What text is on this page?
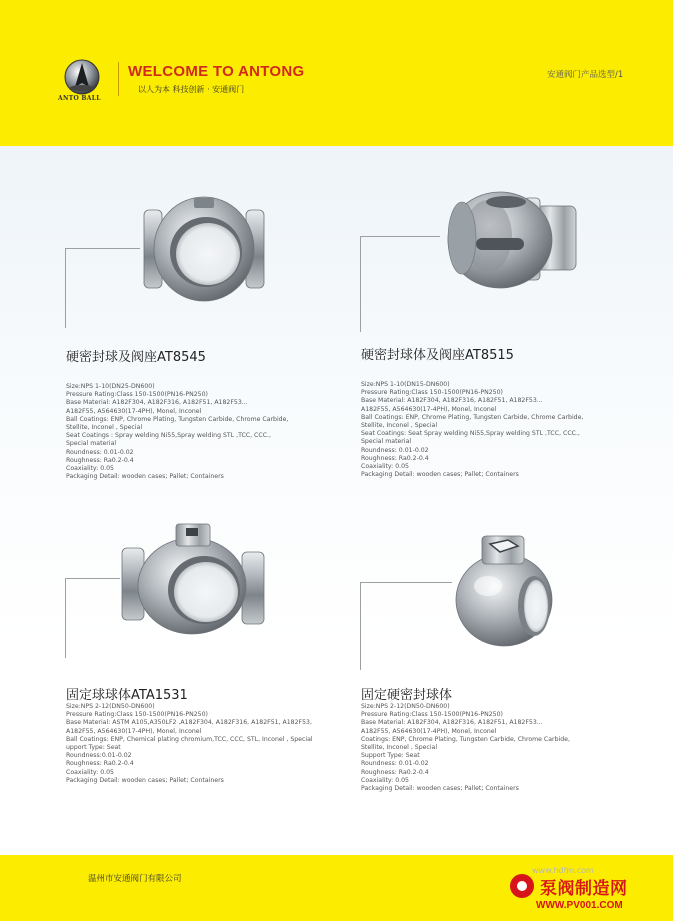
ANTO BALL
WELCOME TO ANTONG
以人为本 科技创新 · 安通阀门
安通阀门产品选型/1
硬密封球及阀座AT8545
Size:NPS 1-10(DN25-DN600)
Pressure Rating:Class 150-1500(PN16-PN250)
Base Material: A182F304, A182F316, A182F51, A182F53...
A182F55, A564630(17-4PH), Monel, Inconel
Ball Coatings: ENP, Chrome Plating, Tungsten Carbide, Chrome Carbide,
Stellite, Inconel , Special
Seat Coatings : Spray welding Ni55,Spray welding STL ,TCC, CCC.,
Special material
Roundness: 0.01-0.02
Roughness: Ra0.2-0.4
Coaxiality: 0.05
Packaging Detail: wooden cases; Pallet; Containers
硬密封球体及阀座AT8515
Size:NPS 1-10(DN15-DN600)
Pressure Rating:Class 150-1500(PN16-PN250)
Base Material: A182F304, A182F316, A182F51, A182F53...
A182F55, A564630(17-4PH), Monel, Inconel
Ball Coatings: ENP, Chrome Plating, Tungsten Carbide, Chrome Carbide,
Stellite, Inconel , Special
Seat Coatings: Seat Spray welding Ni55,Spray welding STL ,TCC, CCC.,
Special material
Roundness: 0.01-0.02
Roughness: Ra0.2-0.4
Coaxiality: 0.05
Packaging Detail: wooden cases; Pallet; Containers
固定球球体ATA1531
Size:NPS 2-12(DN50-DN600)
Pressure Rating:Class 150-1500(PN16-PN250)
Base Material: ASTM A105,A350LF2 ,A182F304, A182F316, A182F51, A182F53,
A182F55, A564630(17-4PH), Monel, Inconel
Ball Coatings: ENP, Chemical plating chromium,TCC, CCC, STL, Inconel , Special
upport Type: Seat
Roundness:0.01-0.02
Roughness: Ra0.2-0.4
Coaxiality: 0.05
Packaging Detail: wooden cases; Pallet; Containers
固定硬密封球体
Size:NPS 2-12(DN50-DN600)
Pressure Rating:Class 150-1500(PN16-PN250)
Base Material: A182F304, A182F316, A182F51, A182F53...
A182F55, A564630(17-4PH), Monel, Inconel
Coatings: ENP, Chrome Plating, Tungsten Carbide, Chrome Carbide,
Stellite, Inconel , Special
Support Type: Seat
Roundness: 0.01-0.02
Roughness: Ra0.2-0.4
Coaxiality: 0.05
Packaging Detail: wooden cases; Pallet; Containers
温州市安通阀门有限公司
www.hdfm.com
泵阀制造网
WWW.PV001.COM
